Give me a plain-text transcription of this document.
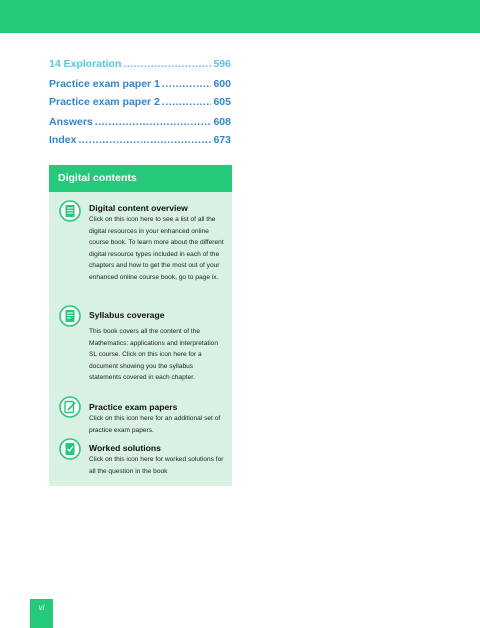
14 Exploration .....	596
Practice exam paper 1 .....	600
Practice exam paper 2 .....	605
Answers .....	608
Index .....	673
Digital contents

Digital content overview

Click on this icon here to see a list of all the digital resources in your enhanced online course book. To learn more about the different digital resource types included in each of the chapters and how to get the most out of your enhanced online course book, go to page ix.

Syllabus coverage

This book covers all the content of the Mathematics: applications and interpretation SL course. Click on this icon here for a document showing you the syllabus statements covered in each chapter.

Practice exam papers

Click on this icon here for an additional set of practice exam papers.

Worked solutions

Click on this icon here for worked solutions for all the question in the book

vi
